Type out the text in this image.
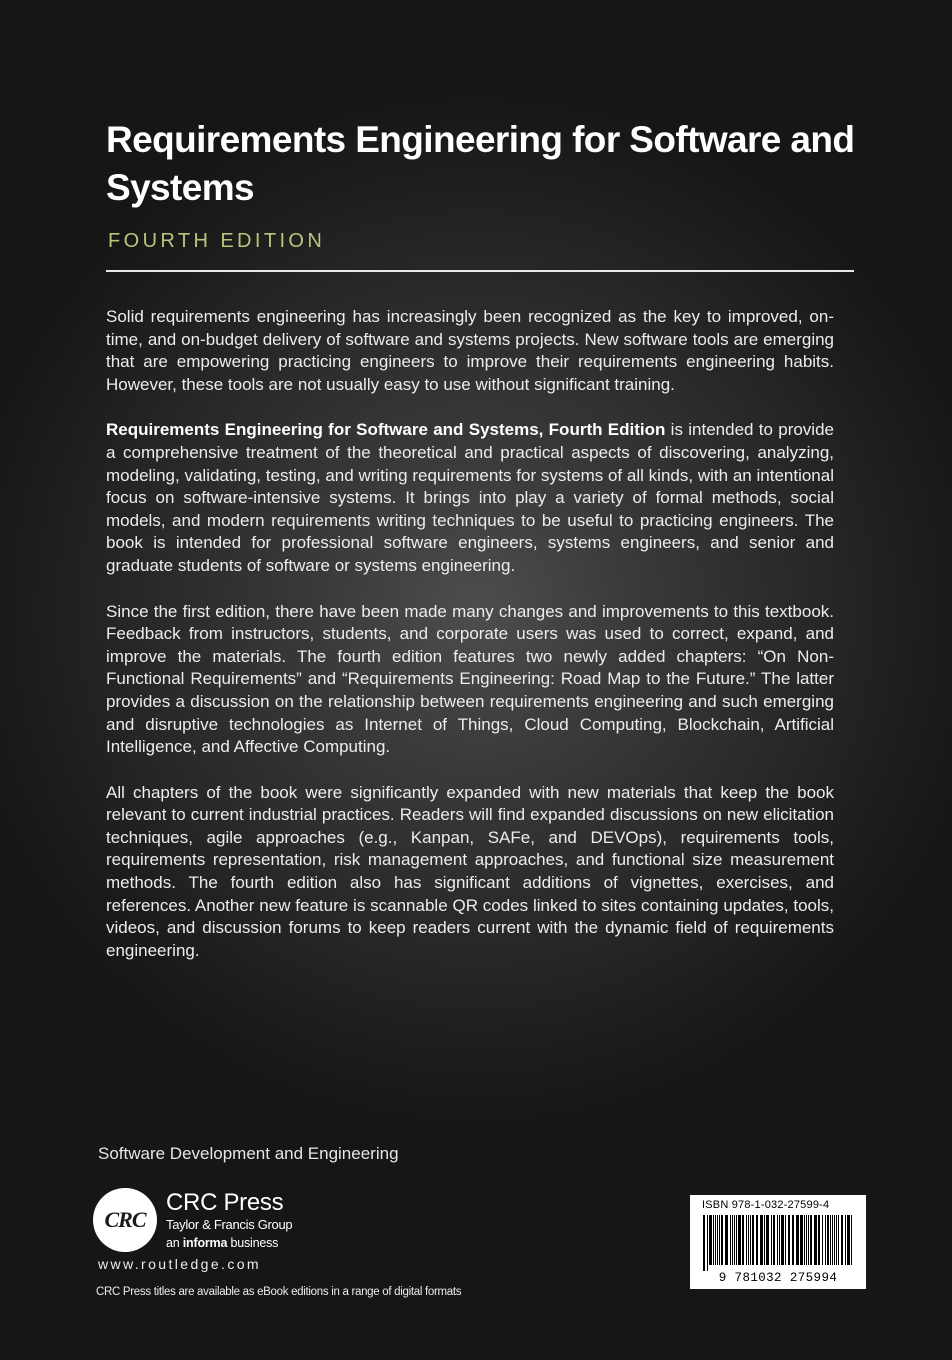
Requirements Engineering for Software and Systems
FOURTH EDITION

Solid requirements engineering has increasingly been recognized as the key to improved, on-time, and on-budget delivery of software and systems projects. New software tools are emerging that are empowering practicing engineers to improve their requirements engineering habits. However, these tools are not usually easy to use without significant training.

Requirements Engineering for Software and Systems, Fourth Edition is intended to provide a comprehensive treatment of the theoretical and practical aspects of discovering, analyzing, modeling, validating, testing, and writing requirements for systems of all kinds, with an intentional focus on software-intensive systems. It brings into play a variety of formal methods, social models, and modern requirements writing techniques to be useful to practicing engineers. The book is intended for professional software engineers, systems engineers, and senior and graduate students of software or systems engineering.

Since the first edition, there have been made many changes and improvements to this textbook. Feedback from instructors, students, and corporate users was used to correct, expand, and improve the materials. The fourth edition features two newly added chapters: “On Non-Functional Requirements” and “Requirements Engineering: Road Map to the Future.” The latter provides a discussion on the relationship between requirements engineering and such emerging and disruptive technologies as Internet of Things, Cloud Computing, Blockchain, Artificial Intelligence, and Affective Computing.

All chapters of the book were significantly expanded with new materials that keep the book relevant to current industrial practices. Readers will find expanded discussions on new elicitation techniques, agile approaches (e.g., Kanpan, SAFe, and DEVOps), requirements tools, requirements representation, risk management approaches, and functional size measurement methods. The fourth edition also has significant additions of vignettes, exercises, and references. Another new feature is scannable QR codes linked to sites containing updates, tools, videos, and discussion forums to keep readers current with the dynamic field of requirements engineering.

Software Development and Engineering
CRC
CRC Press
Taylor & Francis Group
an informa business
www.routledge.com
CRC Press titles are available as eBook editions in a range of digital formats
ISBN 978-1-032-27599-4
9 781032 275994
